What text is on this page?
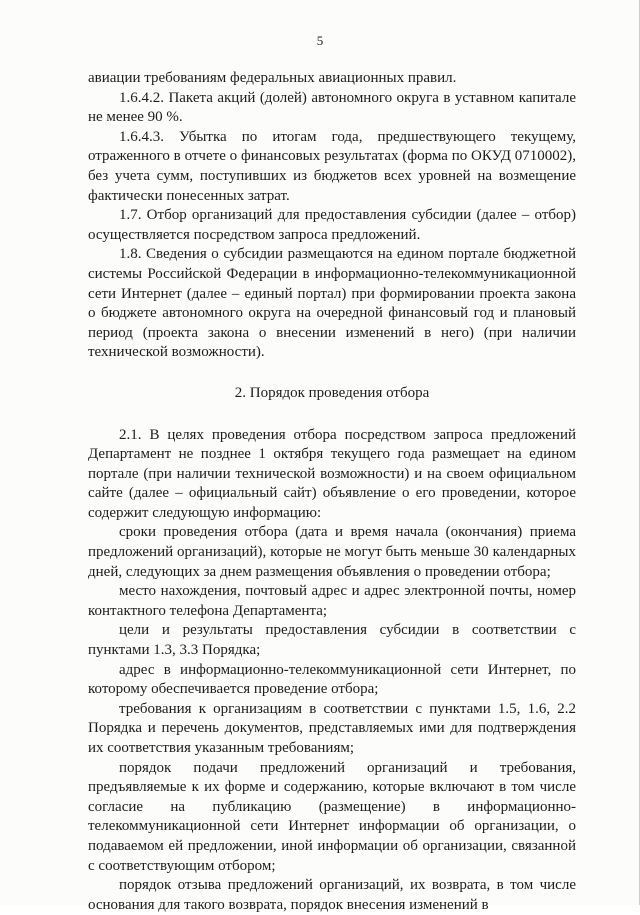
5

авиации требованиям федеральных авиационных правил.

1.6.4.2. Пакета акций (долей) автономного округа в уставном капитале не менее 90 %.

1.6.4.3. Убытка по итогам года, предшествующего текущему, отраженного в отчете о финансовых результатах (форма по ОКУД 0710002), без учета сумм, поступивших из бюджетов всех уровней на возмещение фактически понесенных затрат.

1.7. Отбор организаций для предоставления субсидии (далее – отбор) осуществляется посредством запроса предложений.

1.8. Сведения о субсидии размещаются на едином портале бюджетной системы Российской Федерации в информационно-телекоммуникационной сети Интернет (далее – единый портал) при формировании проекта закона о бюджете автономного округа на очередной финансовый год и плановый период (проекта закона о внесении изменений в него) (при наличии технической возможности).

2. Порядок проведения отбора

2.1. В целях проведения отбора посредством запроса предложений Департамент не позднее 1 октября текущего года размещает на едином портале (при наличии технической возможности) и на своем официальном сайте (далее – официальный сайт) объявление о его проведении, которое содержит следующую информацию:

сроки проведения отбора (дата и время начала (окончания) приема предложений организаций), которые не могут быть меньше 30 календарных дней, следующих за днем размещения объявления о проведении отбора;

место нахождения, почтовый адрес и адрес электронной почты, номер контактного телефона Департамента;

цели и результаты предоставления субсидии в соответствии с пунктами 1.3, 3.3 Порядка;

адрес в информационно-телекоммуникационной сети Интернет, по которому обеспечивается проведение отбора;

требования к организациям в соответствии с пунктами 1.5, 1.6, 2.2 Порядка и перечень документов, представляемых ими для подтверждения их соответствия указанным требованиям;

порядок подачи предложений организаций и требования, предъявляемые к их форме и содержанию, которые включают в том числе согласие на публикацию (размещение) в информационно-телекоммуникационной сети Интернет информации об организации, о подаваемом ей предложении, иной информации об организации, связанной с соответствующим отбором;

порядок отзыва предложений организаций, их возврата, в том числе основания для такого возврата, порядок внесения изменений в
